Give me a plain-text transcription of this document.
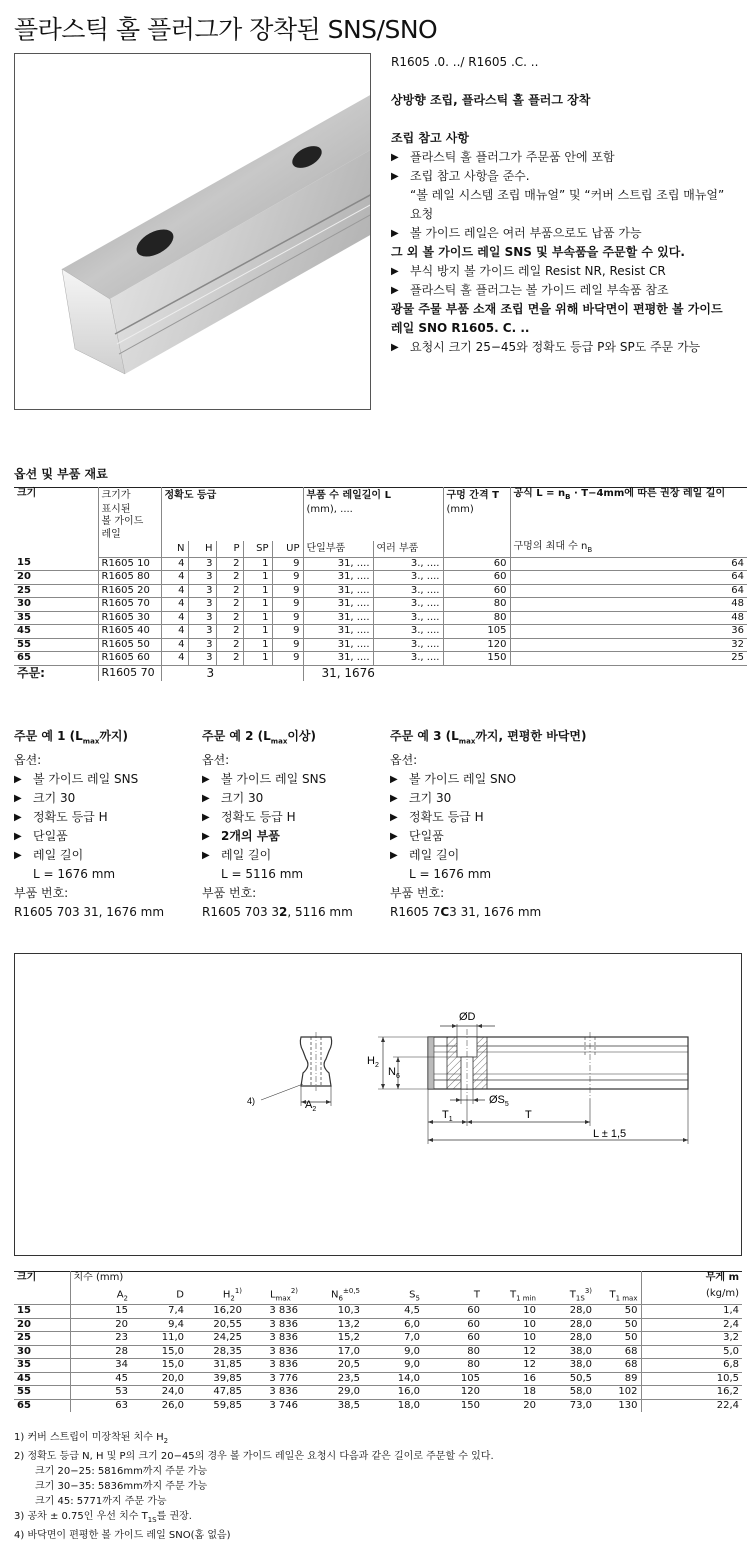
플라스틱 홀 플러그가 장착된 SNS/SNO
R1605 .0. ../ R1605 .C. ..
상방향 조립, 플라스틱 홀 플러그 장착
조립 참고 사항
▶ 플라스틱 홀 플러그가 주문품 안에 포함
▶ 조립 참고 사항을 준수.
“볼 레일 시스템 조립 매뉴얼” 및 “커버 스트립 조립 매뉴얼”
요청
▶ 볼 가이드 레일은 여러 부품으로도 납품 가능
그 외 볼 가이드 레일 SNS 및 부속품을 주문할 수 있다.
▶ 부식 방지 볼 가이드 레일 Resist NR, Resist CR
▶ 플라스틱 홀 플러그는 볼 가이드 레일 부속품 참조
광물 주물 부품 소재 조립 면을 위해 바닥면이 편평한 볼 가이드
레일 SNO R1605. C. ..
▶ 요청시 크기 25−45와 정확도 등급 P와 SP도 주문 가능
옵션 및 부품 재료
크기	크기가	정확도 등급					부품 수 레일길이 L		구멍 간격 T	공식 $L = n_B \cdot T-4mm$에 따른 권장 레일 길이
	표시된						(mm), ....		(mm)	
	볼 가이드									
	레일									
		N	H	P	SP	UP	단일부품	여러 부품		구멍의 최대 수 $n_B$
15	R1605 10	4	3	2	1	9	31, ....	3., ....	60	64
20	R1605 80	4	3	2	1	9	31, ....	3., ....	60	64
25	R1605 20	4	3	2	1	9	31, ....	3., ....	60	64
30	R1605 70	4	3	2	1	9	31, ....	3., ....	80	48
35	R1605 30	4	3	2	1	9	31, ....	3., ....	80	48
45	R1605 40	4	3	2	1	9	31, ....	3., ....	105	36
55	R1605 50	4	3	2	1	9	31, ....	3., ....	120	32
65	R1605 60	4	3	2	1	9	31, ....	3., ....	150	25
주문:	R1605 70	3					31, 1676			
주문 예 1 ($L_{max}$까지)
옵션:
▶ 볼 가이드 레일 SNS
▶ 크기 30
▶ 정확도 등급 H
▶ 단일품
▶ 레일 길이
L = 1676 mm
부품 번호:
R1605 703 31, 1676 mm
주문 예 2 ($L_{max}$이상)
옵션:
▶ 볼 가이드 레일 SNS
▶ 크기 30
▶ 정확도 등급 H
▶ 2개의 부품
▶ 레일 길이
L = 5116 mm
부품 번호:
R1605 703 32, 5116 mm
주문 예 3 ($L_{max}$까지, 편평한 바닥면)
옵션:
▶ 볼 가이드 레일 SNO
▶ 크기 30
▶ 정확도 등급 H
▶ 단일품
▶ 레일 길이
L = 1676 mm
부품 번호:
R1605 7C3 31, 1676 mm
$A_2$
4)
ØD
$H_2$
$N_6$
$ØS_5$
$T_1$	T
L ± 1,5
크기	치수 (mm)										무게 m
	$A_2$	D	$H_2^{1)}$	$L_{max}^{2)}$	$N_6^{\pm 0,5}$	$S_5$	T	$T_{1 min}$	$T_{1S}^{3)}$	$T_{1 max}$	(kg/m)
15	15	7,4	16,20	3 836	10,3	4,5	60	10	28,0	50	1,4
20	20	9,4	20,55	3 836	13,2	6,0	60	10	28,0	50	2,4
25	23	11,0	24,25	3 836	15,2	7,0	60	10	28,0	50	3,2
30	28	15,0	28,35	3 836	17,0	9,0	80	12	38,0	68	5,0
35	34	15,0	31,85	3 836	20,5	9,0	80	12	38,0	68	6,8
45	45	20,0	39,85	3 776	23,5	14,0	105	16	50,5	89	10,5
55	53	24,0	47,85	3 836	29,0	16,0	120	18	58,0	102	16,2
65	63	26,0	59,85	3 746	38,5	18,0	150	20	73,0	130	22,4
1) 커버 스트립이 미장착된 치수 $H_2$
2) 정확도 등급 N, H 및 P의 크기 20−45의 경우 볼 가이드 레일은 요청시 다음과 같은 길이로 주문할 수 있다.
크기 20−25: 5816mm까지 주문 가능
크기 30−35: 5836mm까지 주문 가능
크기 45: 5771까지 주문 가능
3) 공차 ± 0.75인 우선 치수 $T_{1S}$를 권장.
4) 바닥면이 편평한 볼 가이드 레일 SNO(홈 없음)
